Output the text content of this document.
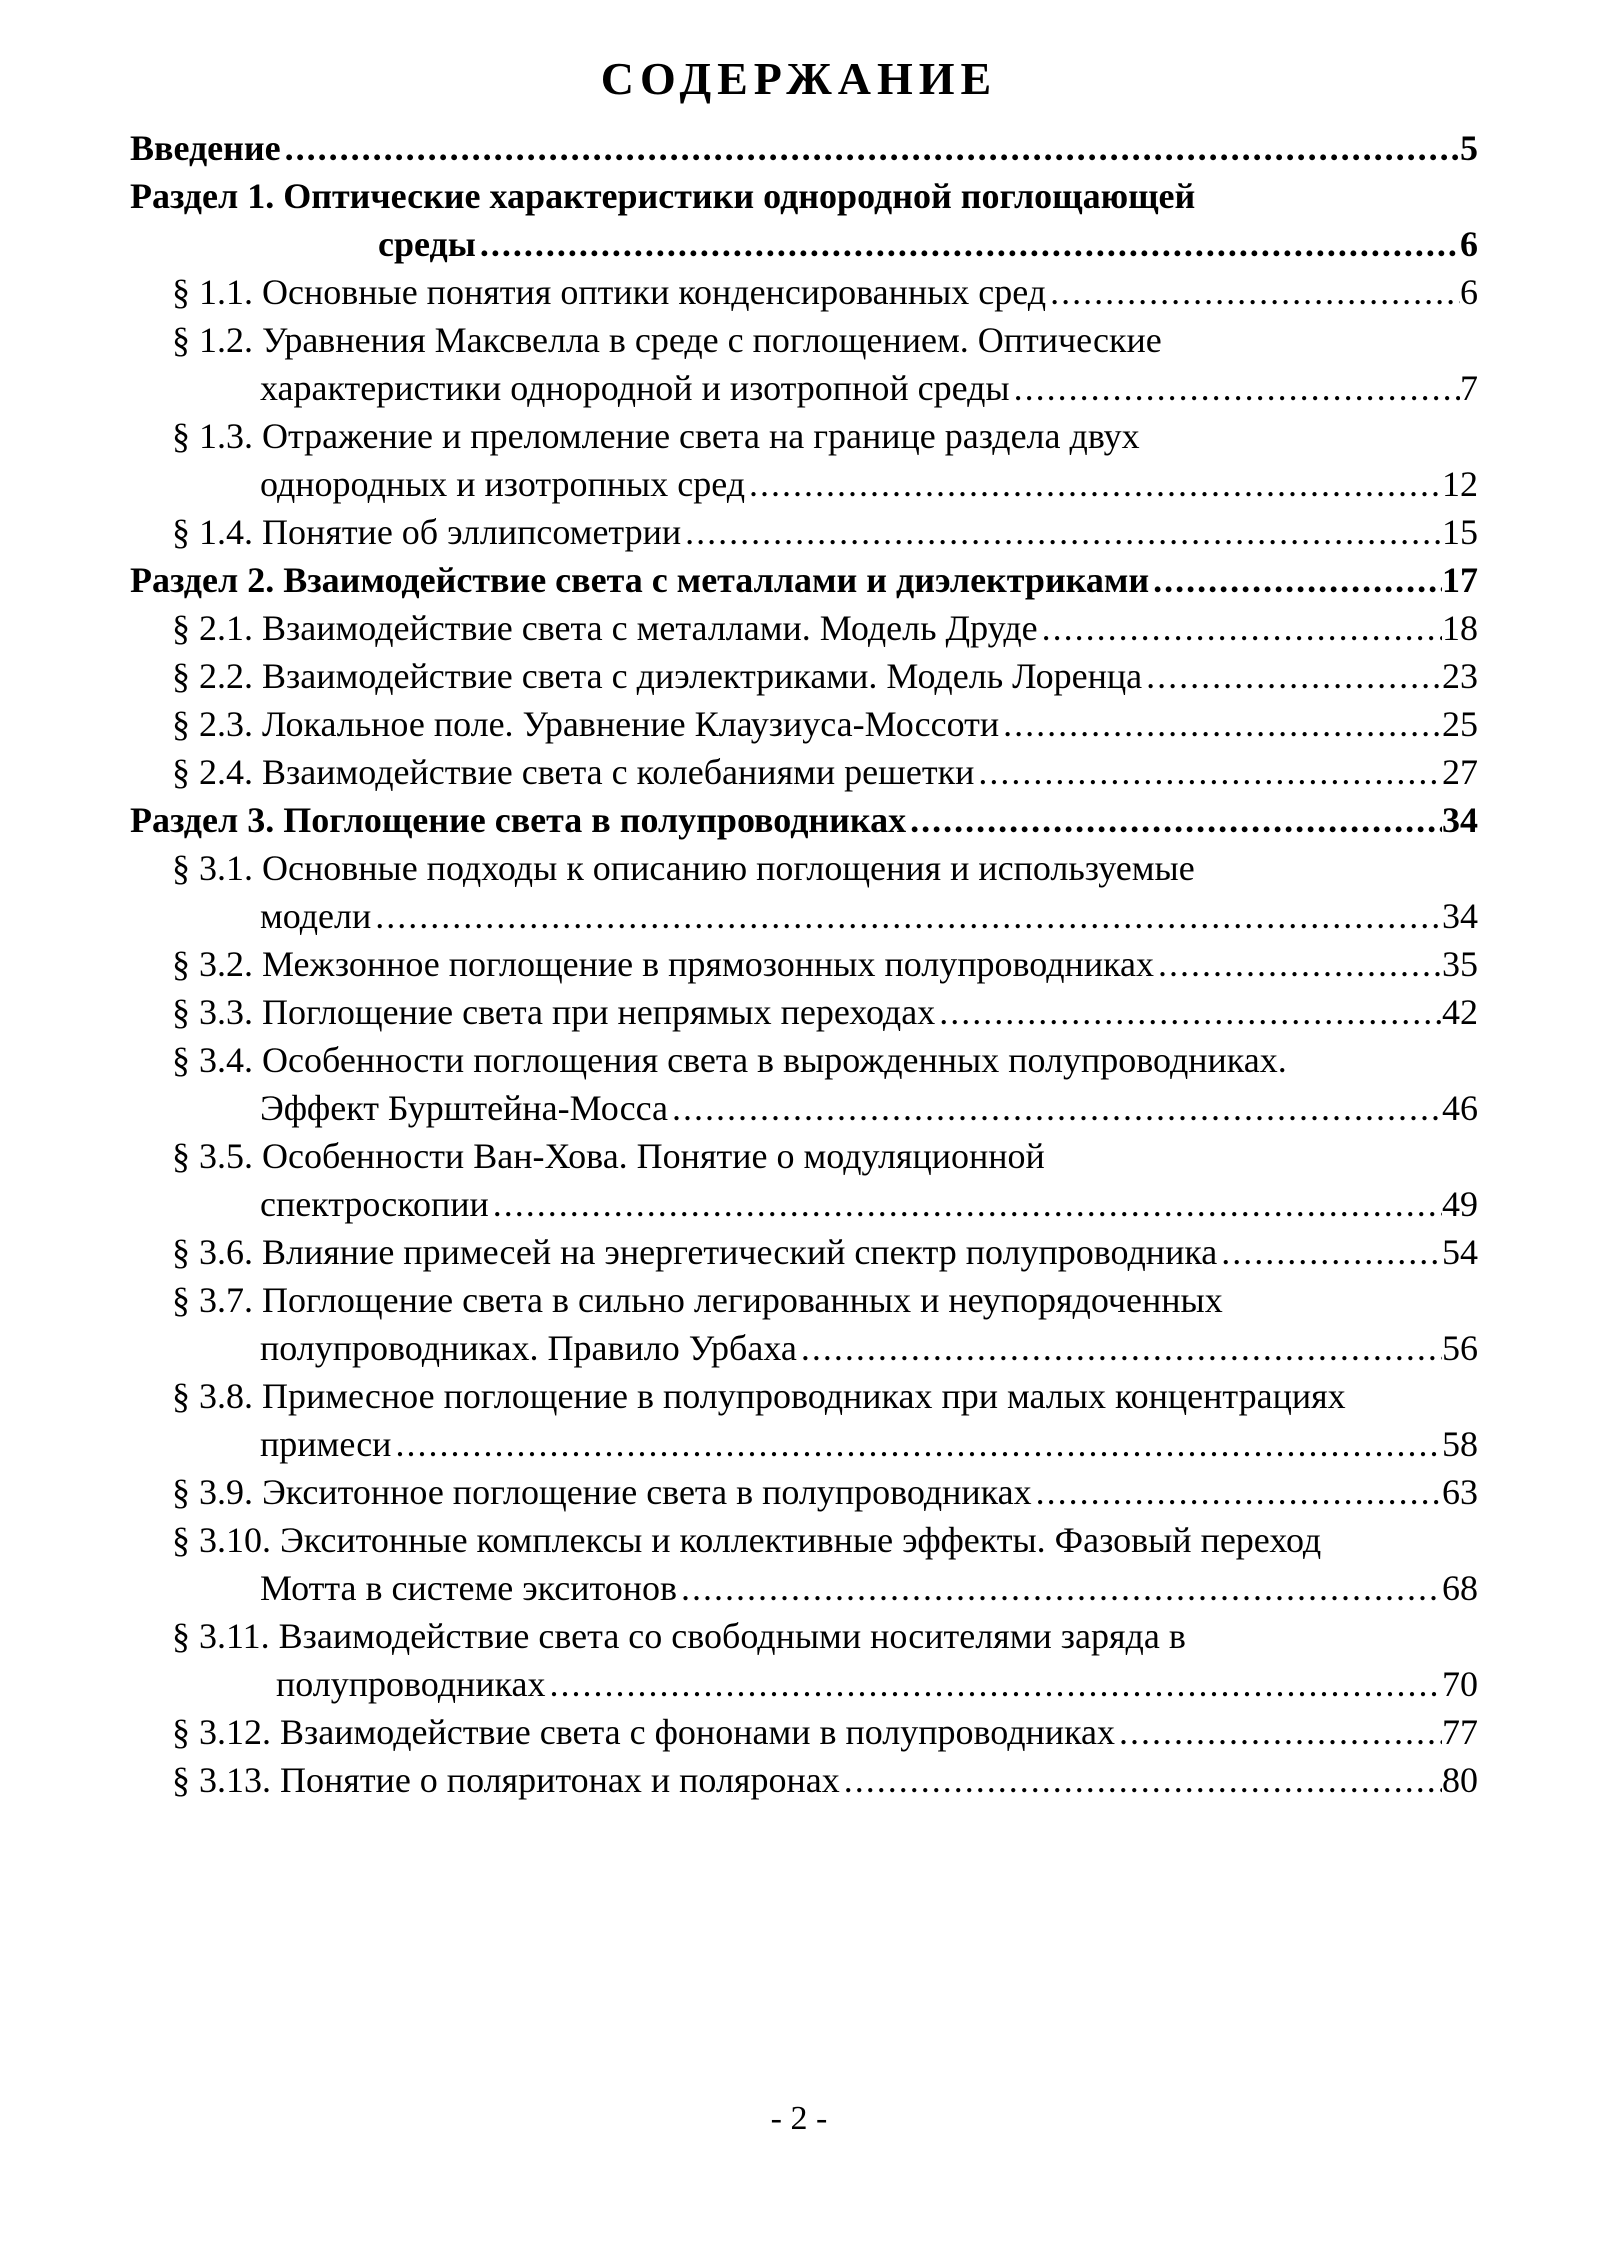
СОДЕРЖАНИЕ
Введение .....	5
Раздел 1. Оптические характеристики однородной поглощающей
среды .....	6
§ 1.1. Основные понятия оптики конденсированных сред .....	6
§ 1.2. Уравнения Максвелла в среде с поглощением. Оптические
характеристики однородной и изотропной среды .....	7
§ 1.3. Отражение и преломление света на границе раздела двух
однородных и изотропных сред .....	12
§ 1.4. Понятие об эллипсометрии .....	15
Раздел 2. Взаимодействие света с металлами и диэлектриками .....	17
§ 2.1. Взаимодействие света с металлами. Модель Друде .....	18
§ 2.2. Взаимодействие света с диэлектриками. Модель Лоренца .....	23
§ 2.3. Локальное поле. Уравнение Клаузиуса-Моссоти .....	25
§ 2.4. Взаимодействие света с колебаниями решетки .....	27
Раздел 3. Поглощение света в полупроводниках .....	34
§ 3.1. Основные подходы к описанию поглощения и используемые
модели .....	34
§ 3.2. Межзонное поглощение в прямозонных полупроводниках .....	35
§ 3.3. Поглощение света при непрямых переходах .....	42
§ 3.4. Особенности поглощения света в вырожденных полупроводниках.
Эффект Бурштейна-Мосса .....	46
§ 3.5. Особенности Ван-Хова. Понятие о модуляционной
спектроскопии .....	49
§ 3.6. Влияние примесей на энергетический спектр полупроводника .....	54
§ 3.7. Поглощение света в сильно легированных и неупорядоченных
полупроводниках. Правило Урбаха .....	56
§ 3.8. Примесное поглощение в полупроводниках при малых концентрациях
примеси .....	58
§ 3.9. Экситонное поглощение света в полупроводниках .....	63
§ 3.10. Экситонные комплексы и коллективные эффекты. Фазовый переход
Мотта в системе экситонов .....	68
§ 3.11. Взаимодействие света со свободными носителями заряда в
полупроводниках .....	70
§ 3.12. Взаимодействие света с фононами в полупроводниках .....	77
§ 3.13. Понятие о поляритонах и поляронах .....	80
- 2 -
